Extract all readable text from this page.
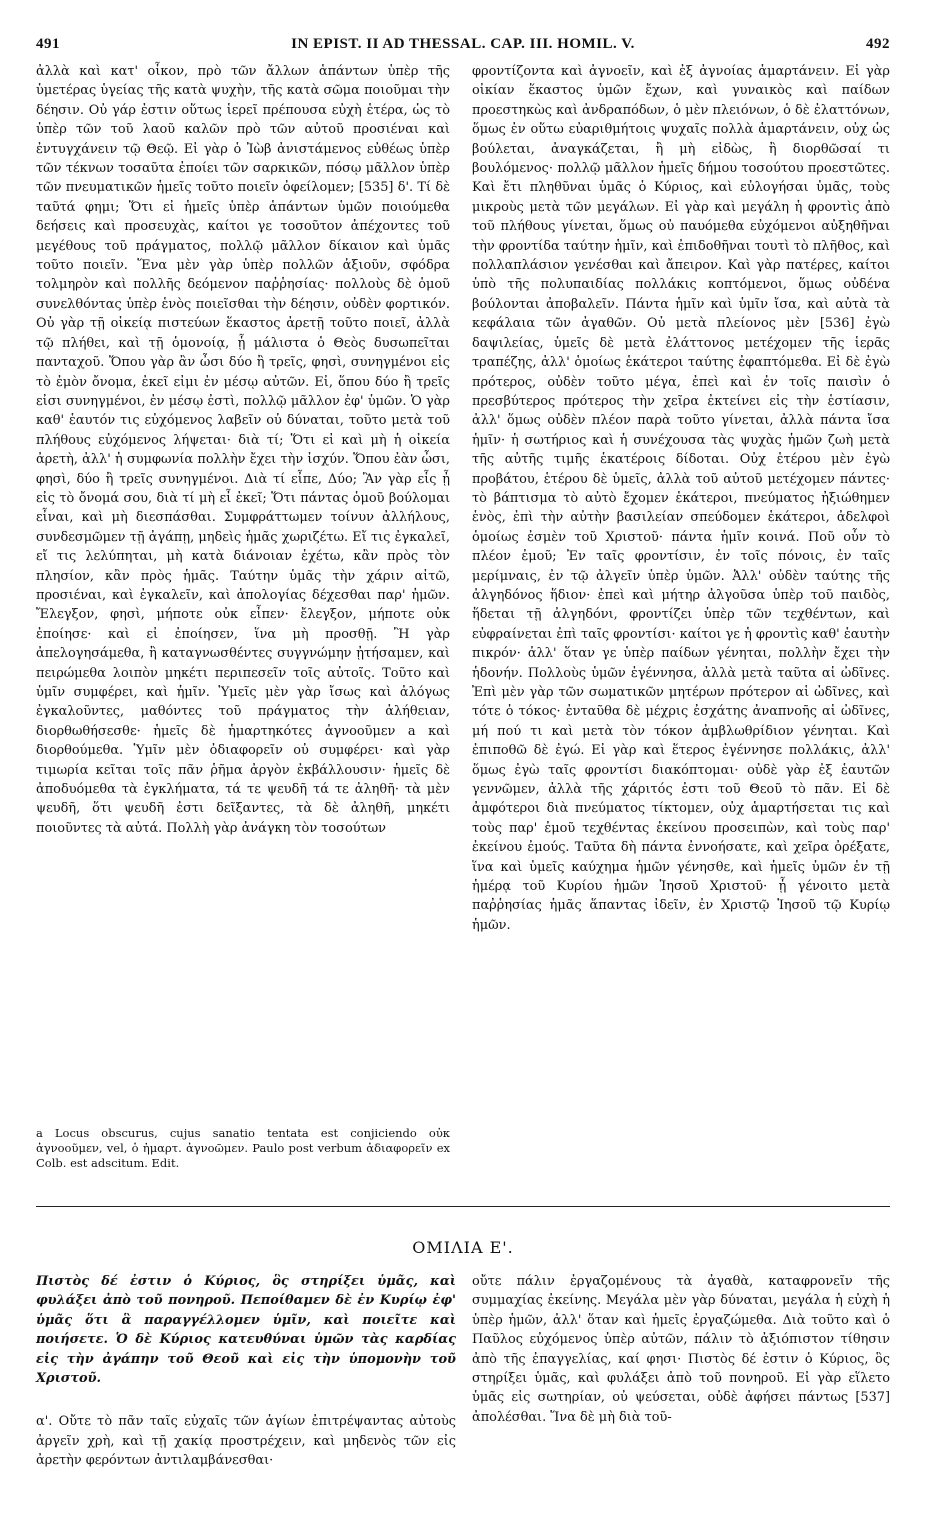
491	IN EPIST. II AD THESSAL. CAP. III. HOMIL. V.	492

ἀλλὰ καὶ κατ' οἶκον, πρὸ τῶν ἄλλων ἁπάντων ὑπὲρ τῆς ὑμετέρας ὑγείας τῆς κατὰ ψυχὴν, τῆς κατὰ σῶμα ποιοῦμαι τὴν δέησιν. Οὐ γάρ ἐστιν οὕτως ἱερεῖ πρέπουσα εὐχὴ ἑτέρα, ὡς τὸ ὑπὲρ τῶν τοῦ λαοῦ καλῶν πρὸ τῶν αὐτοῦ προσιέναι καὶ ἐντυγχάνειν τῷ Θεῷ. Εἰ γὰρ ὁ Ἰὼβ ἀνιστάμενος εὐθέως ὑπὲρ τῶν τέκνων τοσαῦτα ἐποίει τῶν σαρκικῶν, πόσῳ μᾶλλον ὑπὲρ τῶν πνευματικῶν ἡμεῖς τοῦτο ποιεῖν ὀφείλομεν; [535] δ'. Τί δὲ ταῦτά φημι; Ὅτι εἰ ἡμεῖς ὑπὲρ ἁπάντων ὑμῶν ποιούμεθα δεήσεις καὶ προσευχὰς, καίτοι γε τοσοῦτον ἀπέχοντες τοῦ μεγέθους τοῦ πράγματος, πολλῷ μᾶλλον δίκαιον καὶ ὑμᾶς τοῦτο ποιεῖν. Ἕνα μὲν γὰρ ὑπὲρ πολλῶν ἀξιοῦν, σφόδρα τολμηρὸν καὶ πολλῆς δεόμενον παῤῥησίας· πολλοὺς δὲ ὁμοῦ συνελθόντας ὑπὲρ ἑνὸς ποιεῖσθαι τὴν δέησιν, οὐδὲν φορτικόν. Οὐ γὰρ τῇ οἰκείᾳ πιστεύων ἕκαστος ἀρετῇ τοῦτο ποιεῖ, ἀλλὰ τῷ πλήθει, καὶ τῇ ὁμονοίᾳ, ᾗ μάλιστα ὁ Θεὸς δυσωπεῖται πανταχοῦ. Ὅπου γὰρ ἂν ὦσι δύο ἢ τρεῖς, φησὶ, συνηγμένοι εἰς τὸ ἐμὸν ὄνομα, ἐκεῖ εἰμι ἐν μέσῳ αὐτῶν. Εἰ, ὅπου δύο ἢ τρεῖς εἰσι συνηγμένοι, ἐν μέσῳ ἐστὶ, πολλῷ μᾶλλον ἐφ' ὑμῶν. Ὁ γὰρ καθ' ἑαυτόν τις εὐχόμενος λαβεῖν οὐ δύναται, τοῦτο μετὰ τοῦ πλήθους εὐχόμενος λήψεται· διὰ τί; Ὅτι εἰ καὶ μὴ ἡ οἰκεία ἀρετὴ, ἀλλ' ἡ συμφωνία πολλὴν ἔχει τὴν ἰσχύν. Ὅπου ἐὰν ὦσι, φησὶ, δύο ἢ τρεῖς συνηγμένοι. Διὰ τί εἶπε, Δύο; Ἂν γὰρ εἷς ᾖ εἰς τὸ ὄνομά σου, διὰ τί μὴ εἶ ἐκεῖ; Ὅτι πάντας ὁμοῦ βούλομαι εἶναι, καὶ μὴ διεσπάσθαι. Συμφράττωμεν τοίνυν ἀλλήλους, συνδεσμῶμεν τῇ ἀγάπῃ, μηδεὶς ἡμᾶς χωριζέτω. Εἴ τις ἐγκαλεῖ, εἴ τις λελύπηται, μὴ κατὰ διάνοιαν ἐχέτω, κἂν πρὸς τὸν πλησίον, κἂν πρὸς ἡμᾶς. Ταύτην ὑμᾶς τὴν χάριν αἰτῶ, προσιέναι, καὶ ἐγκαλεῖν, καὶ ἀπολογίας δέχεσθαι παρ' ἡμῶν. Ἔλεγξον, φησὶ, μήποτε οὐκ εἶπεν· ἔλεγξον, μήποτε οὐκ ἐποίησε· καὶ εἰ ἐποίησεν, ἵνα μὴ προσθῇ. Ἢ γὰρ ἀπελογησάμεθα, ἢ καταγνωσθέντες συγγνώμην ᾐτήσαμεν, καὶ πειρώμεθα λοιπὸν μηκέτι περιπεσεῖν τοῖς αὐτοῖς. Τοῦτο καὶ ὑμῖν συμφέρει, καὶ ἡμῖν. Ὑμεῖς μὲν γὰρ ἴσως καὶ ἀλόγως ἐγκαλοῦντες, μαθόντες τοῦ πράγματος τὴν ἀλήθειαν, διορθωθήσεσθε· ἡμεῖς δὲ ἡμαρτηκότες ἀγνοοῦμεν a καὶ διορθούμεθα. Ὑμῖν μὲν ὀδιαφορεῖν οὐ συμφέρει· καὶ γὰρ τιμωρία κεῖται τοῖς πᾶν ῥῆμα ἀργὸν ἐκβάλλουσιν· ἡμεῖς δὲ ἀποδυόμεθα τὰ ἐγκλήματα, τά τε ψευδῆ τά τε ἀληθῆ· τὰ μὲν ψευδῆ, ὅτι ψευδῆ ἐστι δεῖξαντες, τὰ δὲ ἀληθῆ, μηκέτι ποιοῦντες τὰ αὐτά. Πολλὴ γὰρ ἀνάγκη τὸν τοσούτων

φροντίζοντα καὶ ἀγνοεῖν, καὶ ἐξ ἀγνοίας ἁμαρτάνειν. Εἰ γὰρ οἰκίαν ἕκαστος ὑμῶν ἔχων, καὶ γυναικὸς καὶ παίδων προεστηκὼς καὶ ἀνδραπόδων, ὁ μὲν πλειόνων, ὁ δὲ ἐλαττόνων, ὅμως ἐν οὕτω εὐαριθμήτοις ψυχαῖς πολλὰ ἁμαρτάνειν, οὐχ ὡς βούλεται, ἀναγκάζεται, ἢ μὴ εἰδὼς, ἢ διορθῶσαί τι βουλόμενος· πολλῷ μᾶλλον ἡμεῖς δήμου τοσούτου προεστῶτες. Καὶ ἔτι πληθῦναι ὑμᾶς ὁ Κύριος, καὶ εὐλογήσαι ὑμᾶς, τοὺς μικροὺς μετὰ τῶν μεγάλων. Εἰ γὰρ καὶ μεγάλη ἡ φροντὶς ἀπὸ τοῦ πλήθους γίνεται, ὅμως οὐ παυόμεθα εὐχόμενοι αὐξηθῆναι τὴν φροντίδα ταύτην ἡμῖν, καὶ ἐπιδοθῆναι τουτὶ τὸ πλῆθος, καὶ πολλαπλάσιον γενέσθαι καὶ ἄπειρον. Καὶ γὰρ πατέρες, καίτοι ὑπὸ τῆς πολυπαιδίας πολλάκις κοπτόμενοι, ὅμως οὐδένα βούλονται ἀποβαλεῖν. Πάντα ἡμῖν καὶ ὑμῖν ἴσα, καὶ αὐτὰ τὰ κεφάλαια τῶν ἀγαθῶν. Οὐ μετὰ πλείονος μὲν [536] ἐγὼ δαψιλείας, ὑμεῖς δὲ μετὰ ἐλάττονος μετέχομεν τῆς ἱερᾶς τραπέζης, ἀλλ' ὁμοίως ἑκάτεροι ταύτης ἐφαπτόμεθα. Εἰ δὲ ἐγὼ πρότερος, οὐδὲν τοῦτο μέγα, ἐπεὶ καὶ ἐν τοῖς παισὶν ὁ πρεσβύτερος πρότερος τὴν χεῖρα ἐκτείνει εἰς τὴν ἑστίασιν, ἀλλ' ὅμως οὐδὲν πλέον παρὰ τοῦτο γίνεται, ἀλλὰ πάντα ἴσα ἡμῖν· ἡ σωτήριος καὶ ἡ συνέχουσα τὰς ψυχὰς ἡμῶν ζωὴ μετὰ τῆς αὐτῆς τιμῆς ἑκατέροις δίδοται. Οὐχ ἑτέρου μὲν ἐγὼ προβάτου, ἑτέρου δὲ ὑμεῖς, ἀλλὰ τοῦ αὐτοῦ μετέχομεν πάντες· τὸ βάπτισμα τὸ αὐτὸ ἔχομεν ἑκάτεροι, πνεύματος ἠξιώθημεν ἑνὸς, ἐπὶ τὴν αὐτὴν βασιλείαν σπεύδομεν ἑκάτεροι, ἀδελφοὶ ὁμοίως ἐσμὲν τοῦ Χριστοῦ· πάντα ἡμῖν κοινά. Ποῦ οὖν τὸ πλέον ἐμοῦ; Ἐν ταῖς φροντίσιν, ἐν τοῖς πόνοις, ἐν ταῖς μερίμναις, ἐν τῷ ἀλγεῖν ὑπὲρ ὑμῶν. Ἀλλ' οὐδὲν ταύτης τῆς ἀλγηδόνος ἥδιον· ἐπεὶ καὶ μήτηρ ἀλγοῦσα ὑπὲρ τοῦ παιδὸς, ἥδεται τῇ ἀλγηδόνι, φροντίζει ὑπὲρ τῶν τεχθέντων, καὶ εὐφραίνεται ἐπὶ ταῖς φροντίσι· καίτοι γε ἡ φροντὶς καθ' ἑαυτὴν πικρόν· ἀλλ' ὅταν γε ὑπὲρ παίδων γένηται, πολλὴν ἔχει τὴν ἡδονήν. Πολλοὺς ὑμῶν ἐγέννησα, ἀλλὰ μετὰ ταῦτα αἱ ὠδῖνες. Ἐπὶ μὲν γὰρ τῶν σωματικῶν μητέρων πρότερον αἱ ὠδῖνες, καὶ τότε ὁ τόκος· ἐνταῦθα δὲ μέχρις ἐσχάτης ἀναπνοῆς αἱ ὠδῖνες, μή πού τι καὶ μετὰ τὸν τόκον ἀμβλωθρίδιον γένηται. Καὶ ἐπιποθῶ δὲ ἐγώ. Εἰ γὰρ καὶ ἕτερος ἐγέννησε πολλάκις, ἀλλ' ὅμως ἐγὼ ταῖς φροντίσι διακόπτομαι· οὐδὲ γὰρ ἐξ ἑαυτῶν γεννῶμεν, ἀλλὰ τῆς χάριτός ἐστι τοῦ Θεοῦ τὸ πᾶν. Εἰ δὲ ἀμφότεροι διὰ πνεύματος τίκτομεν, οὐχ ἁμαρτήσεται τις καὶ τοὺς παρ' ἐμοῦ τεχθέντας ἐκείνου προσειπὼν, καὶ τοὺς παρ' ἐκείνου ἐμούς. Ταῦτα δὴ πάντα ἐννοήσατε, καὶ χεῖρα ὀρέξατε, ἵνα καὶ ὑμεῖς καύχημα ἡμῶν γένησθε, καὶ ἡμεῖς ὑμῶν ἐν τῇ ἡμέρᾳ τοῦ Κυρίου ἡμῶν Ἰησοῦ Χριστοῦ· ᾗ γένοιτο μετὰ παῤῥησίας ἡμᾶς ἅπαντας ἰδεῖν, ἐν Χριστῷ Ἰησοῦ τῷ Κυρίῳ ἡμῶν.

a Locus obscurus, cujus sanatio tentata est conjiciendo οὐκ ἀγνοοῦμεν, vel, ὁ ἡμαρτ. ἀγνοῶμεν. Paulo post verbum ἀδιαφορεῖν ex Colb. est adscitum. Edit.
ΟΜΙΛΙΑ Ε'.

Πιστὸς δέ ἐστιν ὁ Κύριος, ὃς στηρίξει ὑμᾶς, καὶ φυλάξει ἀπὸ τοῦ πονηροῦ. Πεποίθαμεν δὲ ἐν Κυρίῳ ἐφ' ὑμᾶς ὅτι ἃ παραγγέλλομεν ὑμῖν, καὶ ποιεῖτε καὶ ποιήσετε. Ὁ δὲ Κύριος κατευθύναι ὑμῶν τὰς καρδίας εἰς τὴν ἀγάπην τοῦ Θεοῦ καὶ εἰς τὴν ὑπομονὴν τοῦ Χριστοῦ.

α'. Οὔτε τὸ πᾶν ταῖς εὐχαῖς τῶν ἁγίων ἐπιτρέψαντας αὐτοὺς ἀργεῖν χρὴ, καὶ τῇ χακίᾳ προστρέχειν, καὶ μηδενὸς τῶν εἰς ἀρετὴν φερόντων ἀντιλαμβάνεσθαι·

οὔτε πάλιν ἐργαζομένους τὰ ἀγαθὰ, καταφρονεῖν τῆς συμμαχίας ἐκείνης. Μεγάλα μὲν γὰρ δύναται, μεγάλα ἡ εὐχὴ ἡ ὑπὲρ ἡμῶν, ἀλλ' ὅταν καὶ ἡμεῖς ἐργαζώμεθα. Διὰ τοῦτο καὶ ὁ Παῦλος εὐχόμενος ὑπὲρ αὐτῶν, πάλιν τὸ ἀξιόπιστον τίθησιν ἀπὸ τῆς ἐπαγγελίας, καί φησι· Πιστὸς δέ ἐστιν ὁ Κύριος, ὃς στηρίξει ὑμᾶς, καὶ φυλάξει ἀπὸ τοῦ πονηροῦ. Εἰ γὰρ εἵλετο ὑμᾶς εἰς σωτηρίαν, οὐ ψεύσεται, οὐδὲ ἀφήσει πάντως [537] ἀπολέσθαι. Ἵνα δὲ μὴ διὰ τοῦ-
